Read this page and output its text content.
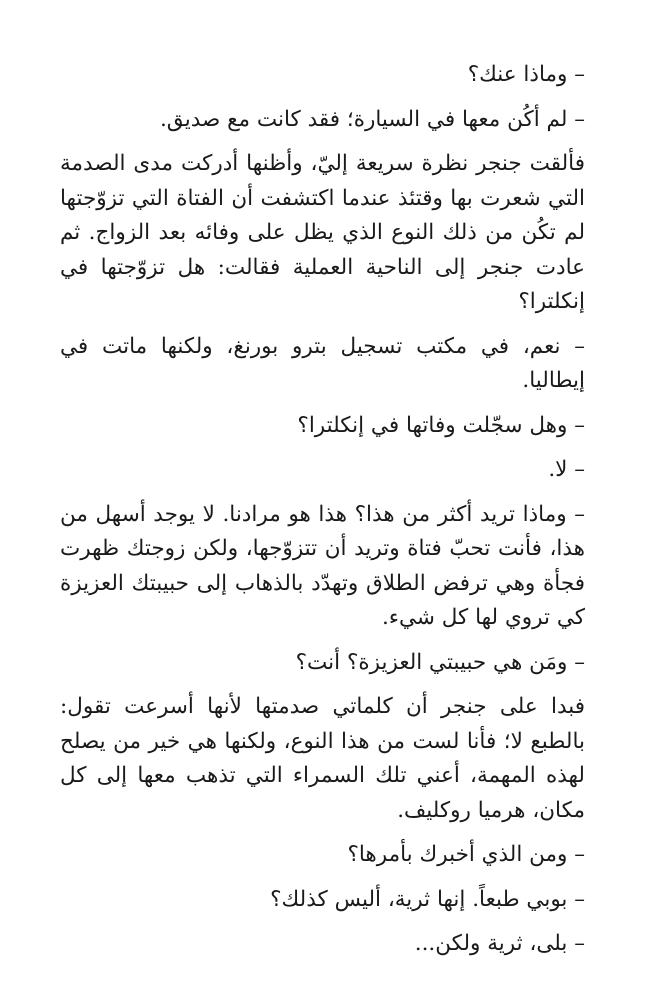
– وماذا عنك؟

– لم أكُن معها في السيارة؛ فقد كانت مع صديق.

فألقت جنجر نظرة سريعة إليّ، وأظنها أدركت مدى الصدمة التي شعرت بها وقتئذ عندما اكتشفت أن الفتاة التي تزوّجتها لم تكُن من ذلك النوع الذي يظل على وفائه بعد الزواج. ثم عادت جنجر إلى الناحية العملية فقالت: هل تزوّجتها في إنكلترا؟

– نعم، في مكتب تسجيل بترو بورنغ، ولكنها ماتت في إيطاليا.

– وهل سجّلت وفاتها في إنكلترا؟

– لا.

– وماذا تريد أكثر من هذا؟ هذا هو مرادنا. لا يوجد أسهل من هذا، فأنت تحبّ فتاة وتريد أن تتزوّجها، ولكن زوجتك ظهرت فجأة وهي ترفض الطلاق وتهدّد بالذهاب إلى حبيبتك العزيزة كي تروي لها كل شيء.

– ومَن هي حبيبتي العزيزة؟ أنت؟

فبدا على جنجر أن كلماتي صدمتها لأنها أسرعت تقول: بالطبع لا؛ فأنا لست من هذا النوع، ولكنها هي خير من يصلح لهذه المهمة، أعني تلك السمراء التي تذهب معها إلى كل مكان، هرميا روكليف.

– ومن الذي أخبرك بأمرها؟

– بوبي طبعاً. إنها ثرية، أليس كذلك؟

– بلى، ثرية ولكن...
